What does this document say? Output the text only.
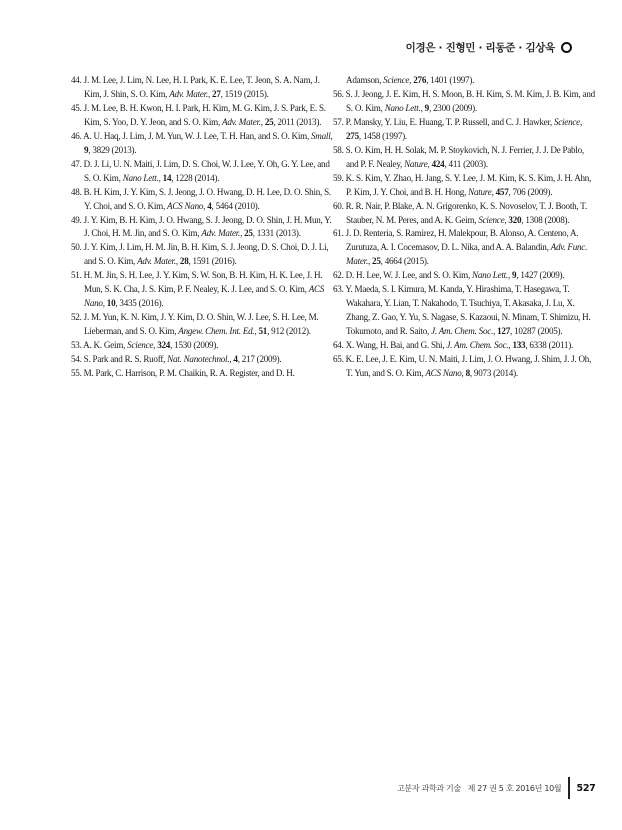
이경은 · 진형민 · 리동준 · 김상욱

44. J. M. Lee, J. Lim, N. Lee, H. I. Park, K. E. Lee, T. Jeon, S. A. Nam, J. Kim, J. Shin, S. O. Kim, Adv. Mater., 27, 1519 (2015).

45. J. M. Lee, B. H. Kwon, H. I. Park, H. Kim, M. G. Kim, J. S. Park, E. S. Kim, S. Yoo, D. Y. Jeon, and S. O. Kim, Adv. Mater., 25, 2011 (2013).

46. A. U. Haq, J. Lim, J. M. Yun, W. J. Lee, T. H. Han, and S. O. Kim, Small, 9, 3829 (2013).

47. D. J. Li, U. N. Maiti, J. Lim, D. S. Choi, W. J. Lee, Y. Oh, G. Y. Lee, and S. O. Kim, Nano Lett., 14, 1228 (2014).

48. B. H. Kim, J. Y. Kim, S. J. Jeong, J. O. Hwang, D. H. Lee, D. O. Shin, S. Y. Choi, and S. O. Kim, ACS Nano, 4, 5464 (2010).

49. J. Y. Kim, B. H. Kim, J. O. Hwang, S. J. Jeong, D. O. Shin, J. H. Mun, Y. J. Choi, H. M. Jin, and S. O. Kim, Adv. Mater., 25, 1331 (2013).

50. J. Y. Kim, J. Lim, H. M. Jin, B. H. Kim, S. J. Jeong, D. S. Choi, D. J. Li, and S. O. Kim, Adv. Mater., 28, 1591 (2016).

51. H. M. Jin, S. H. Lee, J. Y. Kim, S. W. Son, B. H. Kim, H. K. Lee, J. H. Mun, S. K. Cha, J. S. Kim, P. F. Nealey, K. J. Lee, and S. O. Kim, ACS Nano, 10, 3435 (2016).

52. J. M. Yun, K. N. Kim, J. Y. Kim, D. O. Shin, W. J. Lee, S. H. Lee, M. Lieberman, and S. O. Kim, Angew. Chem. Int. Ed., 51, 912 (2012).

53. A. K. Geim, Science, 324, 1530 (2009).

54. S. Park and R. S. Ruoff, Nat. Nanotechnol., 4, 217 (2009).

55. M. Park, C. Harrison, P. M. Chaikin, R. A. Register, and D. H.

Adamson, Science, 276, 1401 (1997).

56. S. J. Jeong, J. E. Kim, H. S. Moon, B. H. Kim, S. M. Kim, J. B. Kim, and S. O. Kim, Nano Lett., 9, 2300 (2009).

57. P. Mansky, Y. Liu, E. Huang, T. P. Russell, and C. J. Hawker, Science, 275, 1458 (1997).

58. S. O. Kim, H. H. Solak, M. P. Stoykovich, N. J. Ferrier, J. J. De Pablo, and P. F. Nealey, Nature, 424, 411 (2003).

59. K. S. Kim, Y. Zhao, H. Jang, S. Y. Lee, J. M. Kim, K. S. Kim, J. H. Ahn, P. Kim, J. Y. Choi, and B. H. Hong, Nature, 457, 706 (2009).

60. R. R. Nair, P. Blake, A. N. Grigorenko, K. S. Novoselov, T. J. Booth, T. Stauber, N. M. Peres, and A. K. Geim, Science, 320, 1308 (2008).

61. J. D. Renteria, S. Ramirez, H. Malekpour, B. Alonso, A. Centeno, A. Zurutuza, A. I. Cocemasov, D. L. Nika, and A. A. Balandin, Adv. Func. Mater., 25, 4664 (2015).

62. D. H. Lee, W. J. Lee, and S. O. Kim, Nano Lett., 9, 1427 (2009).

63. Y. Maeda, S. I. Kimura, M. Kanda, Y. Hirashima, T. Hasegawa, T. Wakahara, Y. Lian, T. Nakahodo, T. Tsuchiya, T. Akasaka, J. Lu, X. Zhang, Z. Gao, Y. Yu, S. Nagase, S. Kazaoui, N. Minam, T. Shimizu, H. Tokumoto, and R. Saito, J. Am. Chem. Soc., 127, 10287 (2005).

64. X. Wang, H. Bai, and G. Shi, J. Am. Chem. Soc., 133, 6338 (2011).

65. K. E. Lee, J. E. Kim, U. N. Maiti, J. Lim, J. O. Hwang, J. Shim, J. J. Oh, T. Yun, and S. O. Kim, ACS Nano, 8, 9073 (2014).

고분자 과학과 기술   제 27 권 5 호 2016년 10월 527
